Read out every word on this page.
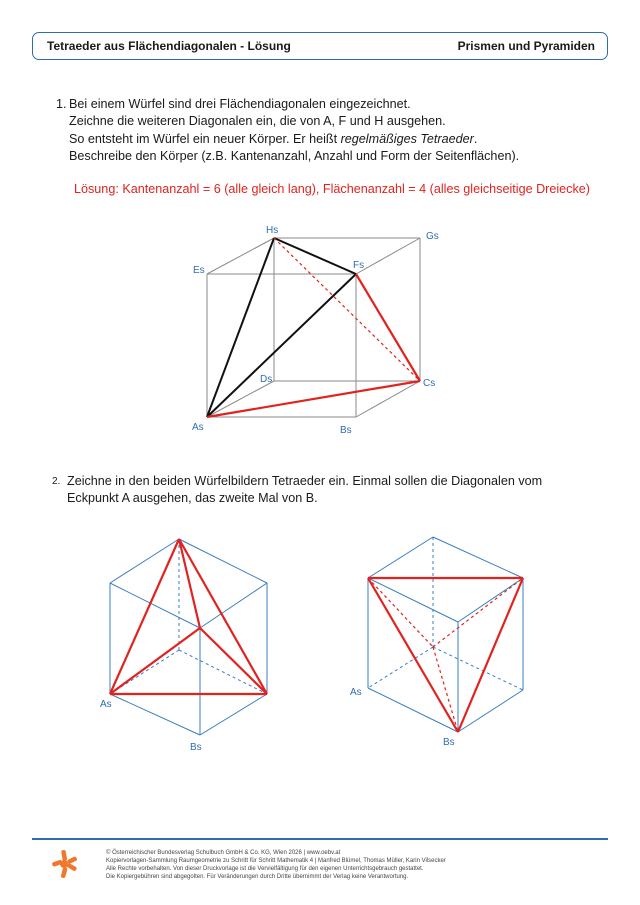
Tetraeder aus Flächendiagonalen - Lösung	Prismen und Pyramiden
1. Bei einem Würfel sind drei Flächendiagonalen eingezeichnet.
Zeichne die weiteren Diagonalen ein, die von A, F und H ausgehen.
So entsteht im Würfel ein neuer Körper. Er heißt regelmäßiges Tetraeder.
Beschreibe den Körper (z.B. Kantenanzahl, Anzahl und Form der Seitenflächen).
Lösung: Kantenanzahl = 6 (alle gleich lang), Flächenanzahl = 4 (alles gleichseitige Dreiecke)
As	Bs
Cs
Ds
Es	Fs
Gs
Hs
2. Zeichne in den beiden Würfelbildern Tetraeder ein. Einmal sollen die Diagonalen vom
Eckpunkt A ausgehen, das zweite Mal von B.
As
Bs
As
Bs
© Österreichischer Bundesverlag Schulbuch GmbH & Co. KG, Wien 2026 | www.oebv.at
Kopiervorlagen-Sammlung Raumgeometrie zu Schritt für Schritt Mathematik 4 | Manfred Blümel, Thomas Müller, Karin Vilsecker
Alle Rechte vorbehalten. Von dieser Druckvorlage ist die Vervielfältigung für den eigenen Unterrichtsgebrauch gestattet.
Die Kopiergebühren sind abgegolten. Für Veränderungen durch Dritte übernimmt der Verlag keine Verantwortung.
